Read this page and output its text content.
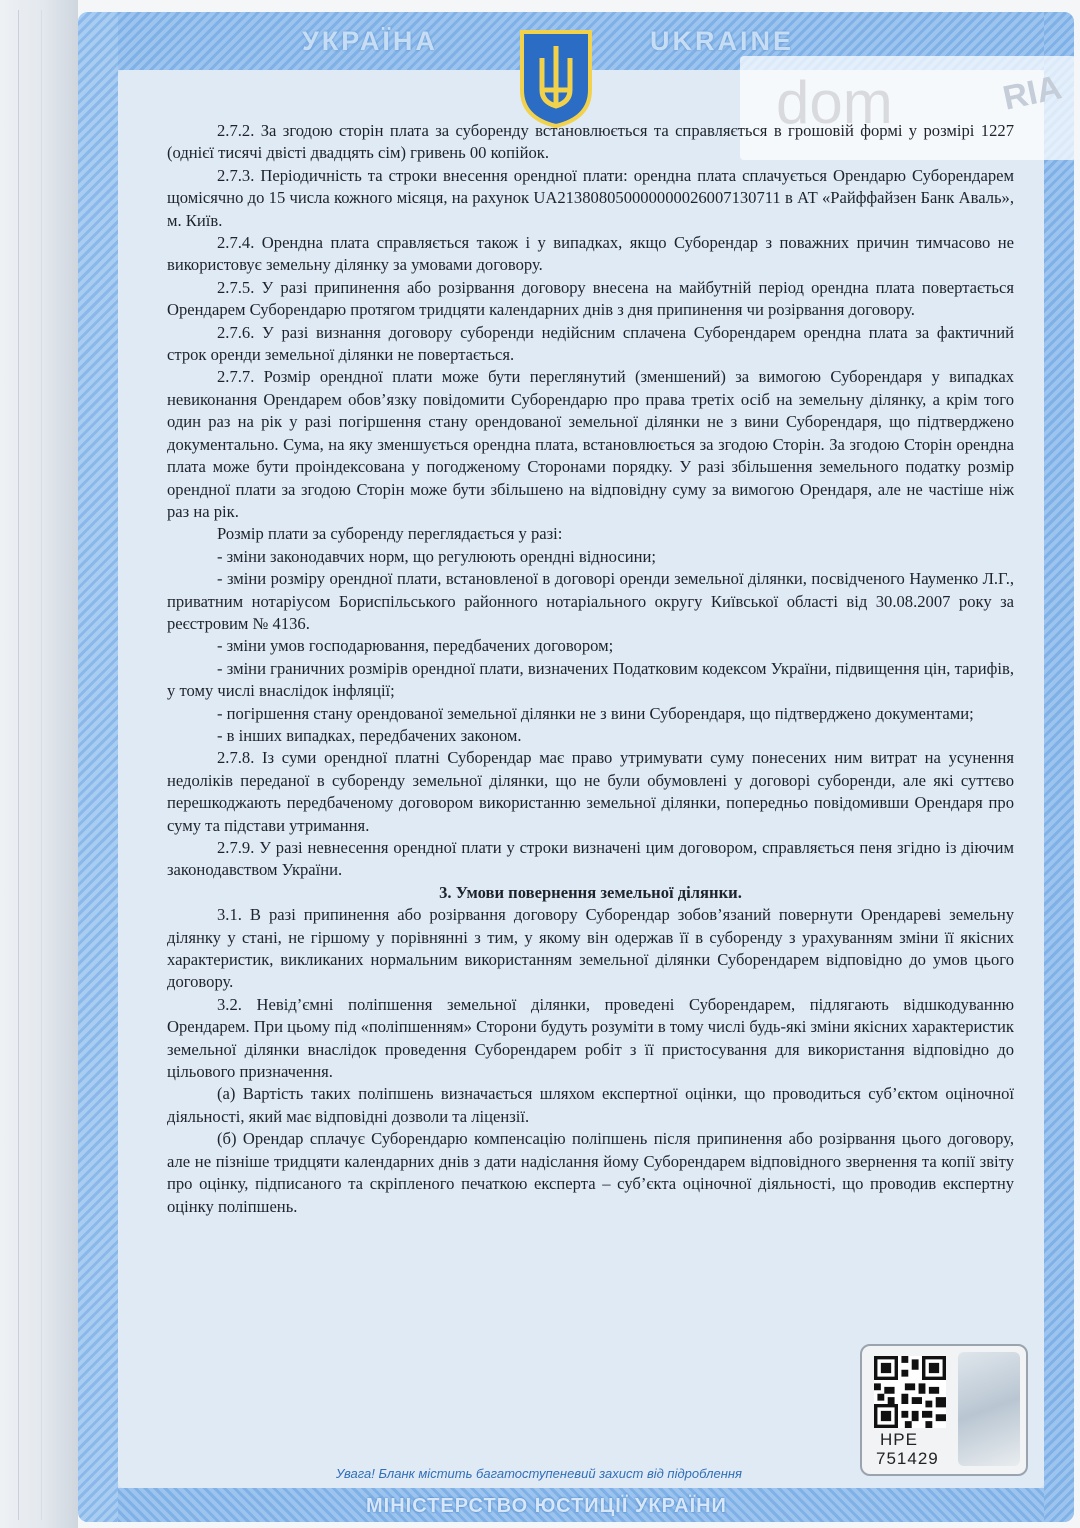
УКРАЇНА	UKRAINE
dom	RIA
НРЕ
751429

2.7.2. За згодою сторін плата за суборенду встановлюється та справляється в грошовій формі у розмірі 1227 (однієї тисячі двісті двадцять сім) гривень 00 копійок.

2.7.3. Періодичність та строки внесення орендної плати: орендна плата сплачується Орендарю Суборендарем щомісячно до 15 числа кожного місяця, на рахунок UA213808050000000026007130711 в АТ «Райффайзен Банк Аваль», м. Київ.

2.7.4. Орендна плата справляється також і у випадках, якщо Суборендар з поважних причин тимчасово не використовує земельну ділянку за умовами договору.

2.7.5. У разі припинення або розірвання договору внесена на майбутній період орендна плата повертається Орендарем Суборендарю протягом тридцяти календарних днів з дня припинення чи розірвання договору.

2.7.6. У разі визнання договору суборенди недійсним сплачена Суборендарем орендна плата за фактичний строк оренди земельної ділянки не повертається.

2.7.7. Розмір орендної плати може бути переглянутий (зменшений) за вимогою Суборендаря у випадках невиконання Орендарем обов’язку повідомити Суборендарю про права третіх осіб на земельну ділянку, а крім того один раз на рік у разі погіршення стану орендованої земельної ділянки не з вини Суборендаря, що підтверджено документально. Сума, на яку зменшується орендна плата, встановлюється за згодою Сторін. За згодою Сторін орендна плата може бути проіндексована у погодженому Сторонами порядку. У разі збільшення земельного податку розмір орендної плати за згодою Сторін може бути збільшено на відповідну суму за вимогою Орендаря, але не частіше ніж раз на рік.

Розмір плати за суборенду переглядається у разі:

- зміни законодавчих норм, що регулюють орендні відносини;

- зміни розміру орендної плати, встановленої в договорі оренди земельної ділянки, посвідченого Науменко Л.Г., приватним нотаріусом Бориспільського районного нотаріального округу Київської області від 30.08.2007 року за реєстровим № 4136.

- зміни умов господарювання, передбачених договором;

- зміни граничних розмірів орендної плати, визначених Податковим кодексом України, підвищення цін, тарифів, у тому числі внаслідок інфляції;

- погіршення стану орендованої земельної ділянки не з вини Суборендаря, що підтверджено документами;

- в інших випадках, передбачених законом.

2.7.8. Із суми орендної платні Суборендар має право утримувати суму понесених ним витрат на усунення недоліків переданої в суборенду земельної ділянки, що не були обумовлені у договорі суборенди, але які суттєво перешкоджають передбаченому договором використанню земельної ділянки, попередньо повідомивши Орендаря про суму та підстави утримання.

2.7.9. У разі невнесення орендної плати у строки визначені цим договором, справляється пеня згідно із діючим законодавством України.

3. Умови повернення земельної ділянки.

3.1. В разі припинення або розірвання договору Суборендар зобов’язаний повернути Орендареві земельну ділянку у стані, не гіршому у порівнянні з тим, у якому він одержав її в суборенду з урахуванням зміни її якісних характеристик, викликаних нормальним використанням земельної ділянки Суборендарем відповідно до умов цього договору.

3.2. Невід’ємні поліпшення земельної ділянки, проведені Суборендарем, підлягають відшкодуванню Орендарем. При цьому під «поліпшенням» Сторони будуть розуміти в тому числі будь-які зміни якісних характеристик земельної ділянки внаслідок проведення Суборендарем робіт з її пристосування для використання відповідно до цільового призначення.

(а) Вартість таких поліпшень визначається шляхом експертної оцінки, що проводиться суб’єктом оціночної діяльності, який має відповідні дозволи та ліцензії.

(б) Орендар сплачує Суборендарю компенсацію поліпшень після припинення або розірвання цього договору, але не пізніше тридцяти календарних днів з дати надіслання йому Суборендарем відповідного звернення та копії звіту про оцінку, підписаного та скріпленого печаткою експерта – суб’єкта оціночної діяльності, що проводив експертну оцінку поліпшень.

Увага! Бланк містить багатоступеневий захист від підроблення
МІНІСТЕРСТВО ЮСТИЦІЇ УКРАЇНИ
